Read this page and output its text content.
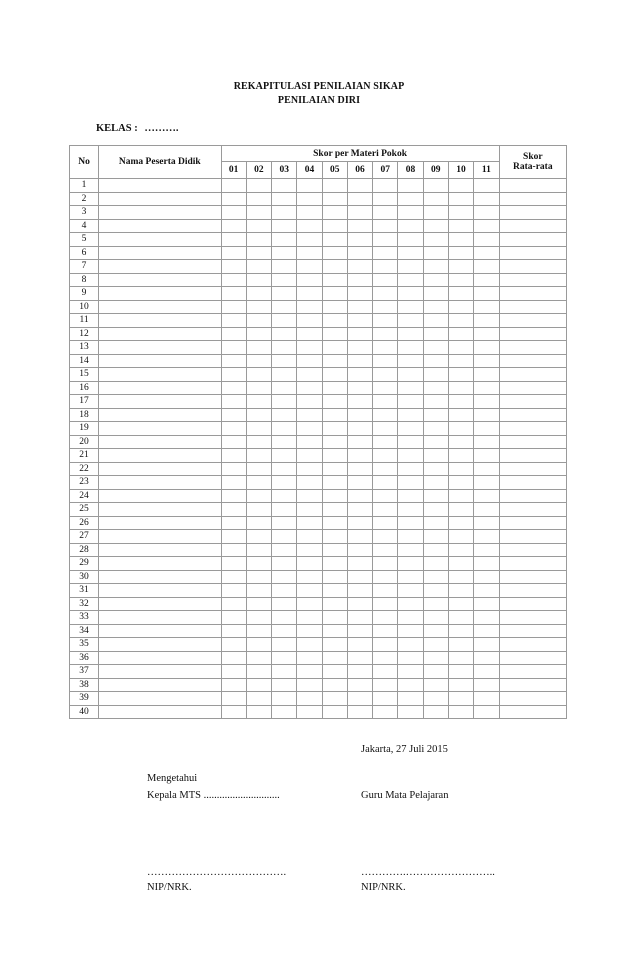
REKAPITULASI PENILAIAN SIKAP
PENILAIAN DIRI
KELAS : ……….
No	Nama Peserta Didik	Skor per Materi Pokok											Skor
Rata-rata

		01	02	03	04	05	06	07	08	09	10	11	
1													
2													
3													
4													
5													
6													
7													
8													
9													
10													
11													
12													
13													
14													
15													
16													
17													
18													
19													
20													
21													
22													
23													
24													
25													
26													
27													
28													
29													
30													
31													
32													
33													
34													
35													
36													
37													
38													
39													
40													
Jakarta, 27 Juli 2015
Mengetahui
Kepala MTS .............................	Guru Mata Pelajaran
………………………………….	………….……………………..
NIP/NRK.	NIP/NRK.
